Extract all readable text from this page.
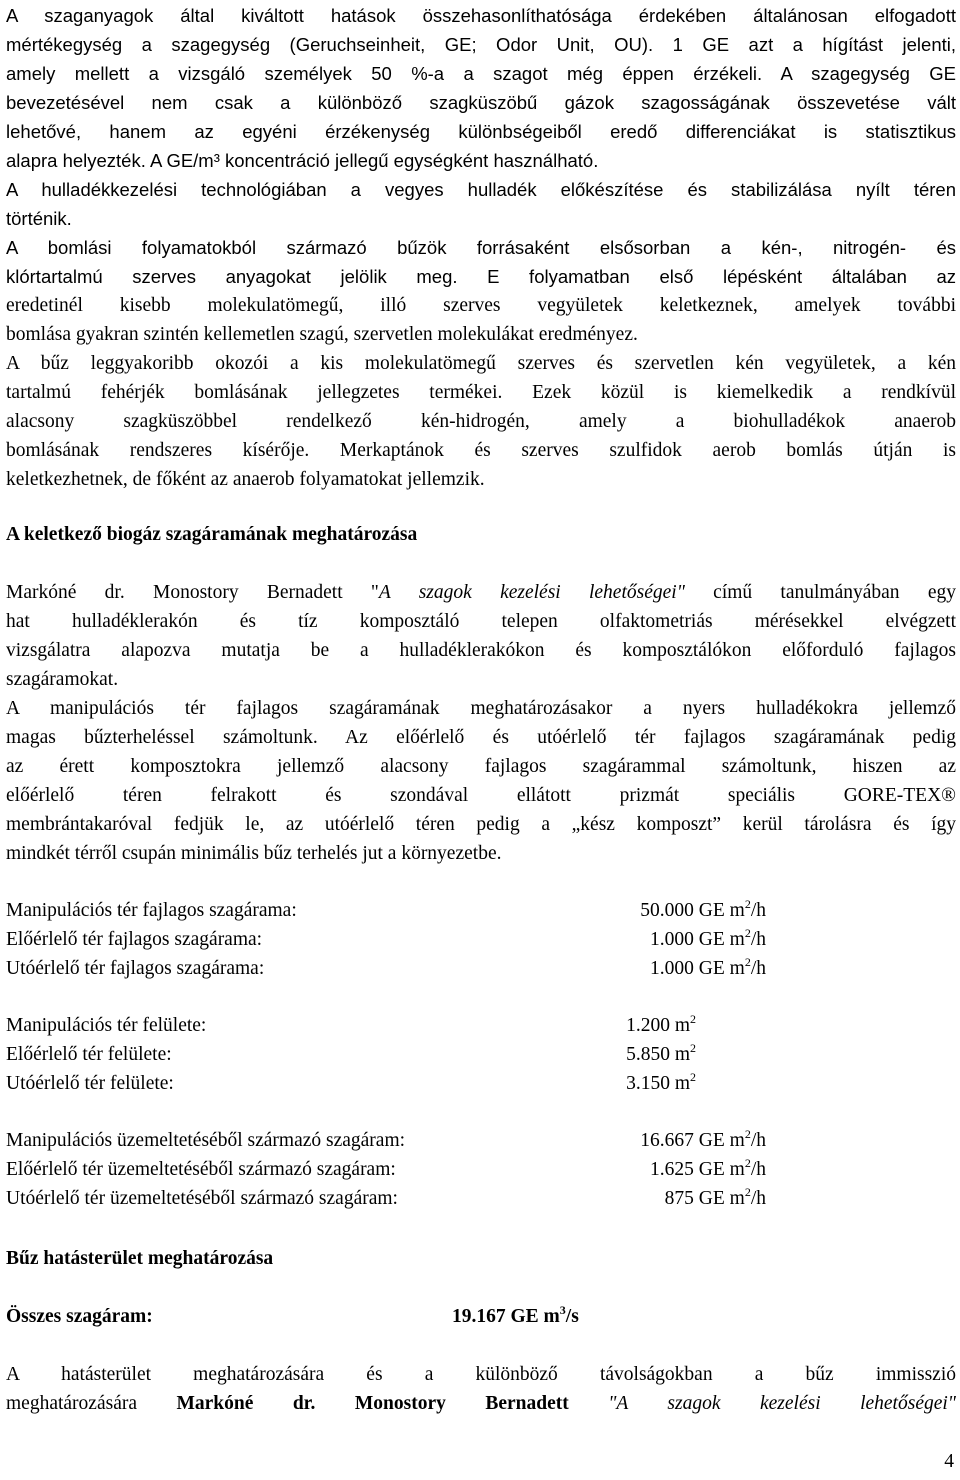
A szaganyagok által kiváltott hatások összehasonlíthatósága érdekében általánosan elfogadott
mértékegység a szagegység (Geruchseinheit, GE; Odor Unit, OU). 1 GE azt a hígítást jelenti,
amely mellett a vizsgáló személyek 50 %-a a szagot még éppen érzékeli. A szagegység GE
bevezetésével nem csak a különböző szagküszöbű gázok szagosságának összevetése vált
lehetővé, hanem az egyéni érzékenység különbségeiből eredő differenciákat is statisztikus
alapra helyezték. A GE/m³ koncentráció jellegű egységként használható.
A hulladékkezelési technológiában a vegyes hulladék előkészítése és stabilizálása nyílt téren
történik.
A bomlási folyamatokból származó bűzök forrásaként elsősorban a kén-, nitrogén- és
klórtartalmú szerves anyagokat jelölik meg. E folyamatban első lépésként általában az
eredetinél kisebb molekulatömegű, illó szerves vegyületek keletkeznek, amelyek további
bomlása gyakran szintén kellemetlen szagú, szervetlen molekulákat eredményez.
A bűz leggyakoribb okozói a kis molekulatömegű szerves és szervetlen kén vegyületek, a kén
tartalmú fehérjék bomlásának jellegzetes termékei. Ezek közül is kiemelkedik a rendkívül
alacsony szagküszöbbel rendelkező kén-hidrogén, amely a biohulladékok anaerob
bomlásának rendszeres kísérője. Merkaptánok és szerves szulfidok aerob bomlás útján is
keletkezhetnek, de főként az anaerob folyamatokat jellemzik.
A keletkező biogáz szagáramának meghatározása
Markóné dr. Monostory Bernadett "A szagok kezelési lehetőségei" című tanulmányában egy
hat hulladéklerakón és tíz komposztáló telepen olfaktometriás mérésekkel elvégzett
vizsgálatra alapozva mutatja be a hulladéklerakókon és komposztálókon előforduló fajlagos
szagáramokat.
A manipulációs tér fajlagos szagáramának meghatározásakor a nyers hulladékokra jellemző
magas bűzterheléssel számoltunk. Az előérlelő és utóérlelő tér fajlagos szagáramának pedig
az érett komposztokra jellemző alacsony fajlagos szagárammal számoltunk, hiszen az
előérlelő téren felrakott és szondával ellátott prizmát speciális GORE-TEX®
membrántakaróval fedjük le, az utóérlelő téren pedig a „kész komposzt” kerül tárolásra és így
mindkét térről csupán minimális bűz terhelés jut a környezetbe.
Manipulációs tér fajlagos szagárama:	50.000 GE $m^2/h$
Előérlelő tér fajlagos szagárama:	1.000 GE $m^2/h$
Utóérlelő tér fajlagos szagárama:	1.000 GE $m^2/h$
Manipulációs tér felülete:	1.200 $m^2$
Előérlelő tér felülete:	5.850 $m^2$
Utóérlelő tér felülete:	3.150 $m^2$
Manipulációs üzemeltetéséből származó szagáram:	16.667 GE $m^2/h$
Előérlelő tér üzemeltetéséből származó szagáram:	1.625 GE $m^2/h$
Utóérlelő tér üzemeltetéséből származó szagáram:	875 GE $m^2/h$
Bűz hatásterület meghatározása
Összes szagáram:	19.167 GE $m^3/s$
A hatásterület meghatározására és a különböző távolságokban a bűz immisszió
meghatározására Markóné dr. Monostory Bernadett "A szagok kezelési lehetőségei"
4
